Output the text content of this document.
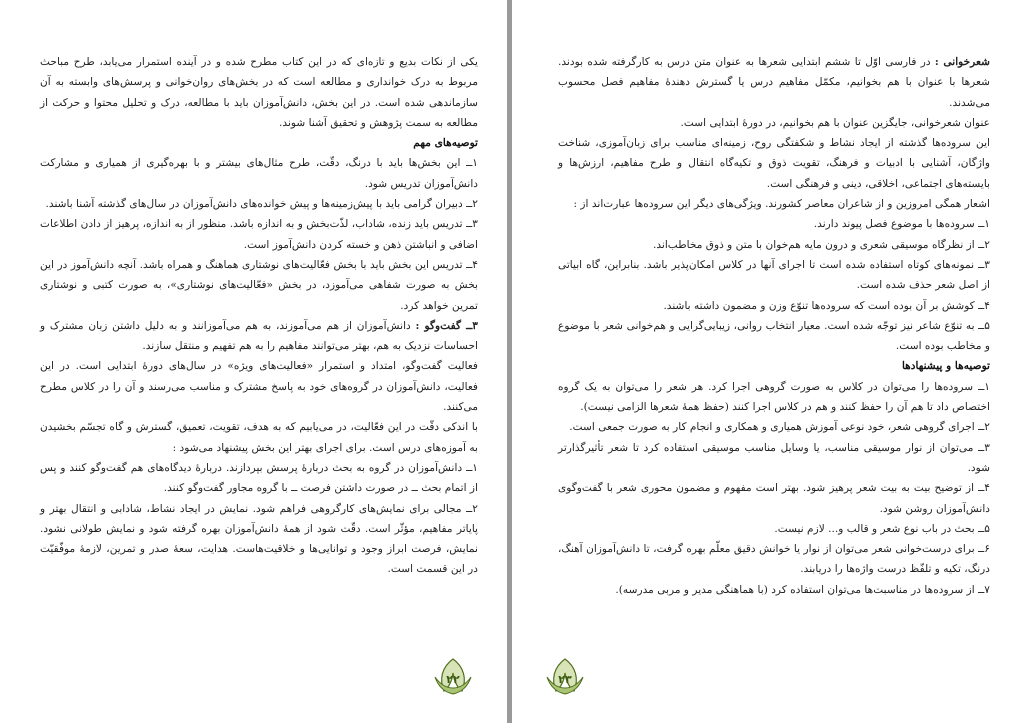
یکی از نکات بدیع و تازه‌ای که در این کتاب مطرح شده و در آینده استمرار می‌یابد، طرح مباحث مربوط به درک خوانداری و مطالعه است که در بخش‌های روان‌خوانی و پرسش‌های وابسته به آن سازماندهی شده است. در این بخش، دانش‌آموزان باید با مطالعه، درک و تحلیل محتوا و حرکت از مطالعه به سمت پژوهش و تحقیق آشنا شوند.

توصیه‌های مهم

۱ــ این بخش‌ها باید با درنگ، دقّت، طرح مثال‌های بیشتر و با بهره‌گیری از همیاری و مشارکت دانش‌آموزان تدریس شود.

۲ــ دبیران گرامی باید با پیش‌زمینه‌ها و پیش خوانده‌های دانش‌آموزان در سال‌های گذشته آشنا باشند.

۳ــ تدریس باید زنده، شاداب، لذّت‌بخش و به اندازه باشد. منظور از به اندازه، پرهیز از دادن اطلاعات اضافی و انباشتن ذهن و خسته کردن دانش‌آموز است.

۴ــ تدریس این بخش باید با بخش فعّالیت‌های نوشتاری هماهنگ و همراه باشد. آنچه دانش‌آموز در این بخش به صورت شفاهی می‌آموزد، در بخش «فعّالیت‌های نوشتاری»، به صورت کتبی و نوشتاری تمرین خواهد کرد.

۳ــ گفت‌وگو : دانش‌آموزان از هم می‌آموزند، به هم می‌آموزانند و به دلیل داشتن زبان مشترک و احساسات نزدیک به هم، بهتر می‌توانند مفاهیم را به هم تفهیم و منتقل سازند.

فعالیت گفت‌وگو، امتداد و استمرار «فعالیت‌های ویژه» در سال‌های دورهٔ ابتدایی است. در این فعالیت، دانش‌آموزان در گروه‌های خود به پاسخ مشترک و مناسب می‌رسند و آن را در کلاس مطرح می‌کنند.

با اندکی دقّت در این فعّالیت، در می‌یابیم که به هدف، تقویت، تعمیق، گسترش و گاه تجسّم بخشیدن به آموزه‌های درس است. برای اجرای بهتر این بخش پیشنهاد می‌شود :

۱ــ دانش‌آموزان در گروه به بحث دربارهٔ پرسش بپردازند. دربارهٔ دیدگاه‌های هم گفت‌وگو کنند و پس از اتمام بحث ــ در صورت داشتن فرصت ــ با گروه مجاور گفت‌وگو کنند.

۲ــ مجالی برای نمایش‌های کارگروهی فراهم شود. نمایش در ایجاد نشاط، شادابی و انتقال بهتر و پایاتر مفاهیم، مؤثّر است. دقّت شود از همهٔ دانش‌آموزان بهره گرفته شود و نمایش طولانی نشود. نمایش، فرصت ابراز وجود و توانایی‌ها و خلاقیت‌هاست. هدایت، سعهٔ صدر و تمرین، لازمهٔ موفّقیّت در این قسمت است.

۲۲

شعرخوانی : در فارسی اوّل تا ششم ابتدایی شعرها به عنوان متن درس به کارگرفته شده بودند. شعرها با عنوان با هم بخوانیم، مکمّل مفاهیم درس یا گسترش دهندهٔ مفاهیم فصل محسوب می‌شدند.

عنوان شعرخوانی، جایگزین عنوان با هم بخوانیم، در دورهٔ ابتدایی است.

این سروده‌ها گذشته از ایجاد نشاط و شکفتگی روح، زمینه‌ای مناسب برای زبان‌آموزی، شناخت واژگان، آشنایی با ادبیات و فرهنگ، تقویت ذوق و تکیه‌گاه انتقال و طرح مفاهیم، ارزش‌ها و بایسته‌های اجتماعی، اخلاقی، دینی و فرهنگی است.

اشعار همگی امروزین و از شاعران معاصر کشورند. ویژگی‌های دیگر این سروده‌ها عبارت‌اند از :

۱ــ سروده‌ها با موضوع فصل پیوند دارند.

۲ــ از نظرگاه موسیقی شعری و درون مایه هم‌خوان با متن و ذوق مخاطب‌اند.

۳ــ نمونه‌های کوتاه استفاده شده است تا اجرای آنها در کلاس امکان‌پذیر باشد. بنابراین، گاه ابیاتی از اصل شعر حذف شده است.

۴ــ کوشش بر آن بوده است که سروده‌ها تنوّع وزن و مضمون داشته باشند.

۵ــ به تنوّع شاعر نیز توجّه شده است. معیار انتخاب روانی، زیبایی‌گرایی و هم‌خوانی شعر با موضوع و مخاطب بوده است.

توصیه‌ها و پیشنهادها

۱ــ سروده‌ها را می‌توان در کلاس به صورت گروهی اجرا کرد. هر شعر را می‌توان به یک گروه اختصاص داد تا هم آن را حفظ کنند و هم در کلاس اجرا کنند (حفظ همهٔ شعرها الزامی نیست).

۲ــ اجرای گروهی شعر، خود نوعی آموزش همیاری و همکاری و انجام کار به صورت جمعی است.

۳ــ می‌توان از نوار موسیقی مناسب، یا وسایل مناسب موسیقی استفاده کرد تا شعر تأثیرگذارتر شود.

۴ــ از توضیح بیت به بیت شعر پرهیز شود. بهتر است مفهوم و مضمون محوری شعر با گفت‌وگوی دانش‌آموزان روشن شود.

۵ــ بحث در باب نوع شعر و قالب و... لازم نیست.

۶ــ برای درست‌خوانی شعر می‌توان از نوار یا خوانش دقیق معلّم بهره گرفت، تا دانش‌آموزان آهنگ، درنگ، تکیه و تلفّظ درست واژه‌ها را دریابند.

۷ــ از سروده‌ها در مناسبت‌ها می‌توان استفاده کرد (با هماهنگی مدیر و مربی مدرسه).

۲۳
